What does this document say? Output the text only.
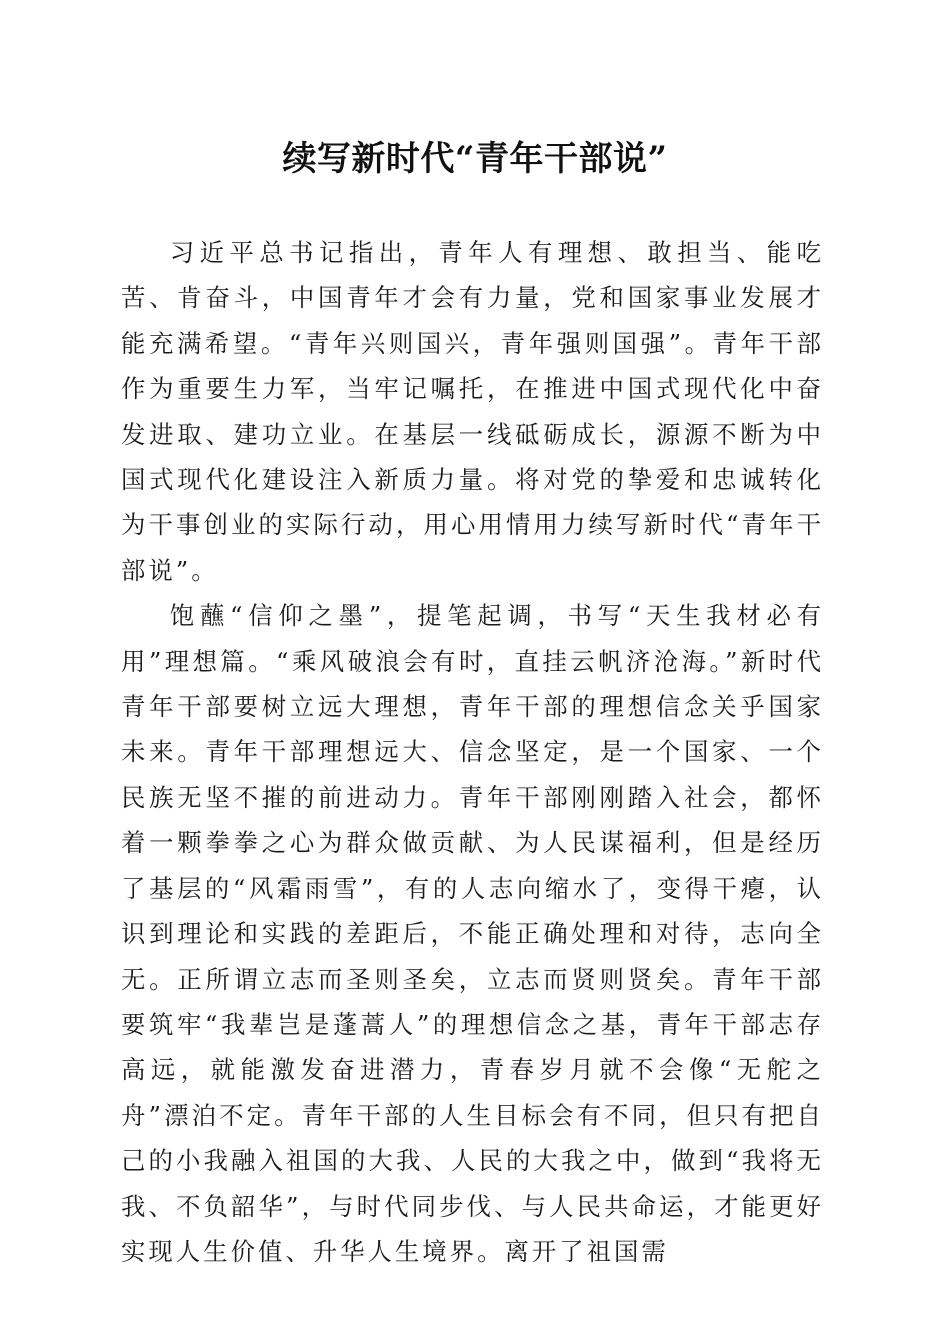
续写新时代“青年干部说”

习近平总书记指出，青年人有理想、敢担当、能吃苦、肯奋斗，中国青年才会有力量，党和国家事业发展才能充满希望。“青年兴则国兴，青年强则国强”。青年干部作为重要生力军，当牢记嘱托，在推进中国式现代化中奋发进取、建功立业。在基层一线砥砺成长，源源不断为中国式现代化建设注入新质力量。将对党的挚爱和忠诚转化为干事创业的实际行动，用心用情用力续写新时代“青年干部说”。

饱蘸“信仰之墨”，提笔起调，书写“天生我材必有用”理想篇。“乘风破浪会有时，直挂云帆济沧海。”新时代青年干部要树立远大理想，青年干部的理想信念关乎国家未来。青年干部理想远大、信念坚定，是一个国家、一个民族无坚不摧的前进动力。青年干部刚刚踏入社会，都怀着一颗拳拳之心为群众做贡献、为人民谋福利，但是经历了基层的“风霜雨雪”，有的人志向缩水了，变得干瘪，认识到理论和实践的差距后，不能正确处理和对待，志向全无。正所谓立志而圣则圣矣，立志而贤则贤矣。青年干部要筑牢“我辈岂是蓬蒿人”的理想信念之基，青年干部志存高远，就能激发奋进潜力，青春岁月就不会像“无舵之舟”漂泊不定。青年干部的人生目标会有不同，但只有把自己的小我融入祖国的大我、人民的大我之中，做到“我将无我、不负韶华”，与时代同步伐、与人民共命运，才能更好实现人生价值、升华人生境界。离开了祖国需
